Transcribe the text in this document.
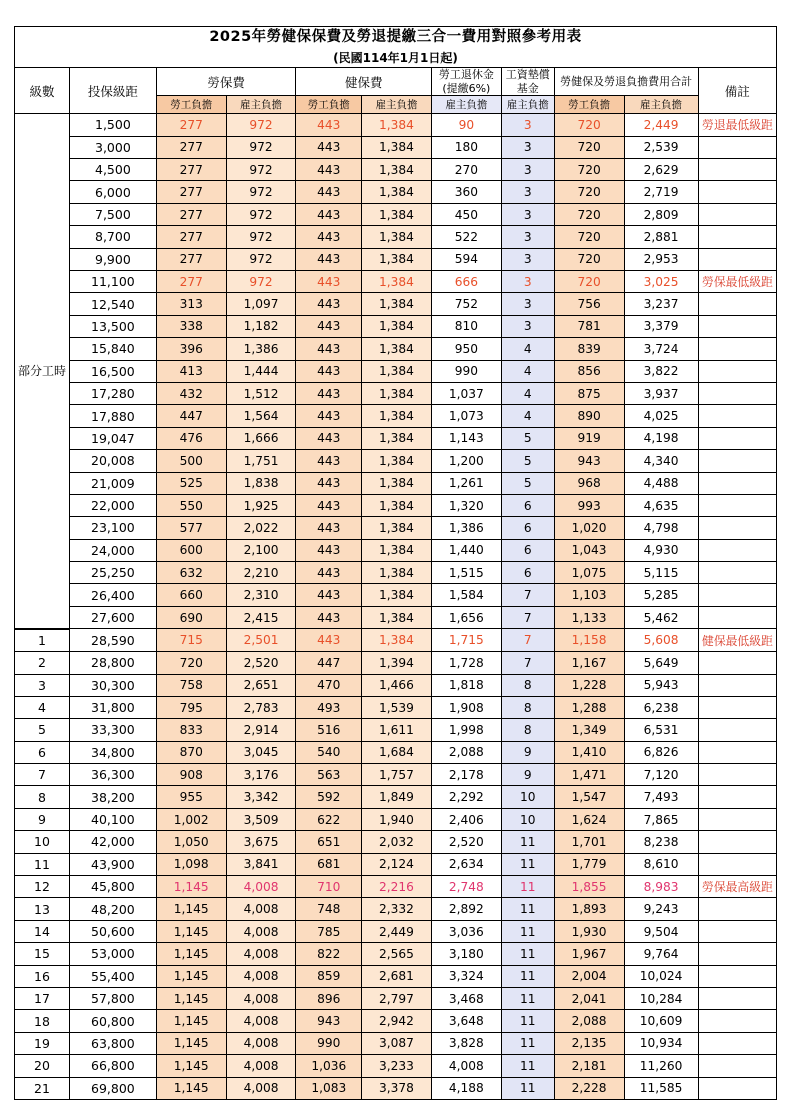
2025年勞健保保費及勞退提繳三合一費用對照參考用表
(民國114年1月1日起)										

級數	投保級距	勞保費		健保費		勞工退休金(提繳6%)	工資墊償基金	勞健保及勞退負擔費用合計		備註
		勞工負擔	雇主負擔	勞工負擔	雇主負擔	雇主負擔	雇主負擔	勞工負擔	雇主負擔	
部分工時	1,500	277	972	443	1,384	90	3	720	2,449	勞退最低級距
	3,000	277	972	443	1,384	180	3	720	2,539	
	4,500	277	972	443	1,384	270	3	720	2,629	
	6,000	277	972	443	1,384	360	3	720	2,719	
	7,500	277	972	443	1,384	450	3	720	2,809	
	8,700	277	972	443	1,384	522	3	720	2,881	
	9,900	277	972	443	1,384	594	3	720	2,953	
	11,100	277	972	443	1,384	666	3	720	3,025	勞保最低級距
	12,540	313	1,097	443	1,384	752	3	756	3,237	
	13,500	338	1,182	443	1,384	810	3	781	3,379	
	15,840	396	1,386	443	1,384	950	4	839	3,724	
	16,500	413	1,444	443	1,384	990	4	856	3,822	
	17,280	432	1,512	443	1,384	1,037	4	875	3,937	
	17,880	447	1,564	443	1,384	1,073	4	890	4,025	
	19,047	476	1,666	443	1,384	1,143	5	919	4,198	
	20,008	500	1,751	443	1,384	1,200	5	943	4,340	
	21,009	525	1,838	443	1,384	1,261	5	968	4,488	
	22,000	550	1,925	443	1,384	1,320	6	993	4,635	
	23,100	577	2,022	443	1,384	1,386	6	1,020	4,798	
	24,000	600	2,100	443	1,384	1,440	6	1,043	4,930	
	25,250	632	2,210	443	1,384	1,515	6	1,075	5,115	
	26,400	660	2,310	443	1,384	1,584	7	1,103	5,285	
	27,600	690	2,415	443	1,384	1,656	7	1,133	5,462	
1	28,590	715	2,501	443	1,384	1,715	7	1,158	5,608	健保最低級距
2	28,800	720	2,520	447	1,394	1,728	7	1,167	5,649	
3	30,300	758	2,651	470	1,466	1,818	8	1,228	5,943	
4	31,800	795	2,783	493	1,539	1,908	8	1,288	6,238	
5	33,300	833	2,914	516	1,611	1,998	8	1,349	6,531	
6	34,800	870	3,045	540	1,684	2,088	9	1,410	6,826	
7	36,300	908	3,176	563	1,757	2,178	9	1,471	7,120	
8	38,200	955	3,342	592	1,849	2,292	10	1,547	7,493	
9	40,100	1,002	3,509	622	1,940	2,406	10	1,624	7,865	
10	42,000	1,050	3,675	651	2,032	2,520	11	1,701	8,238	
11	43,900	1,098	3,841	681	2,124	2,634	11	1,779	8,610	
12	45,800	1,145	4,008	710	2,216	2,748	11	1,855	8,983	勞保最高級距
13	48,200	1,145	4,008	748	2,332	2,892	11	1,893	9,243	
14	50,600	1,145	4,008	785	2,449	3,036	11	1,930	9,504	
15	53,000	1,145	4,008	822	2,565	3,180	11	1,967	9,764	
16	55,400	1,145	4,008	859	2,681	3,324	11	2,004	10,024	
17	57,800	1,145	4,008	896	2,797	3,468	11	2,041	10,284	
18	60,800	1,145	4,008	943	2,942	3,648	11	2,088	10,609	
19	63,800	1,145	4,008	990	3,087	3,828	11	2,135	10,934	
20	66,800	1,145	4,008	1,036	3,233	4,008	11	2,181	11,260	
21	69,800	1,145	4,008	1,083	3,378	4,188	11	2,228	11,585	
